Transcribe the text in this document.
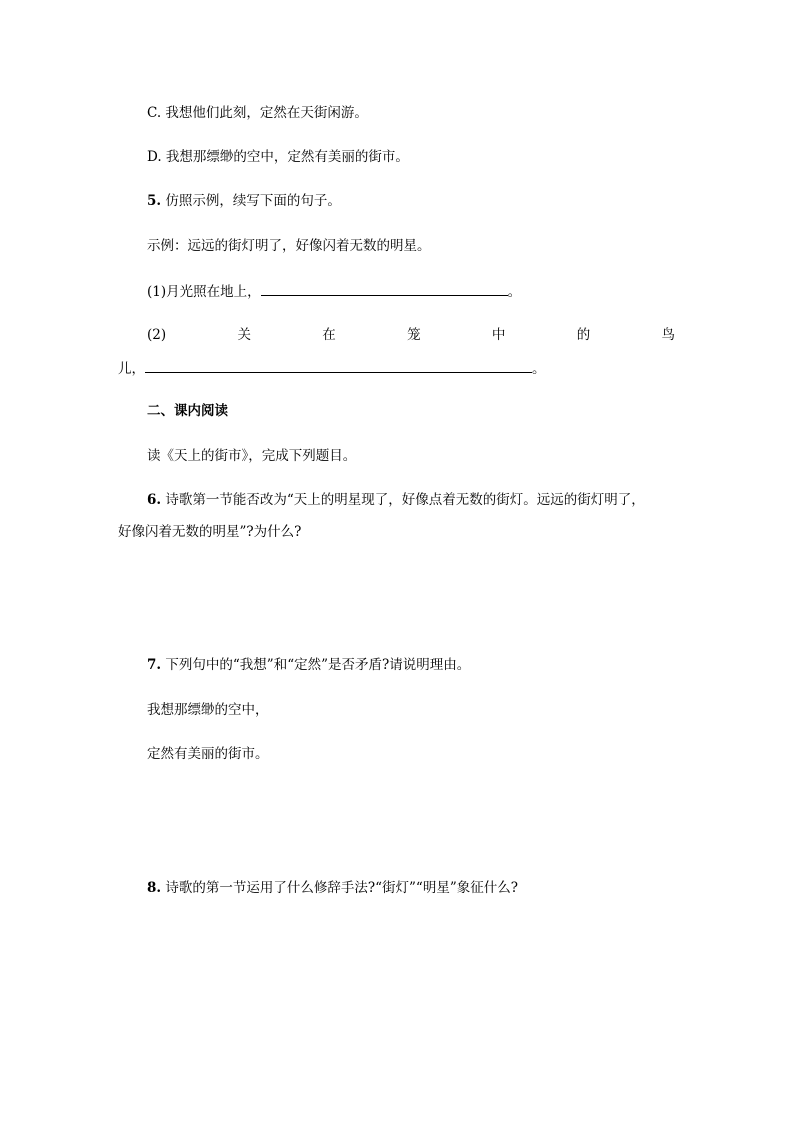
C. 我想他们此刻，定然在天街闲游。
D. 我想那缥缈的空中，定然有美丽的街市。
5. 仿照示例，续写下面的句子。
示例：远远的街灯明了，好像闪着无数的明星。
(1)月光照在地上，	。
(2)	关	在	笼	中	的	鸟
儿，	。
二、课内阅读
读《天上的街市》，完成下列题目。
6. 诗歌第一节能否改为“天上的明星现了，好像点着无数的街灯。远远的街灯明了，
好像闪着无数的明星”?为什么?
7. 下列句中的“我想”和“定然”是否矛盾?请说明理由。
我想那缥缈的空中，
定然有美丽的街市。
8. 诗歌的第一节运用了什么修辞手法?“街灯”“明星”象征什么?
